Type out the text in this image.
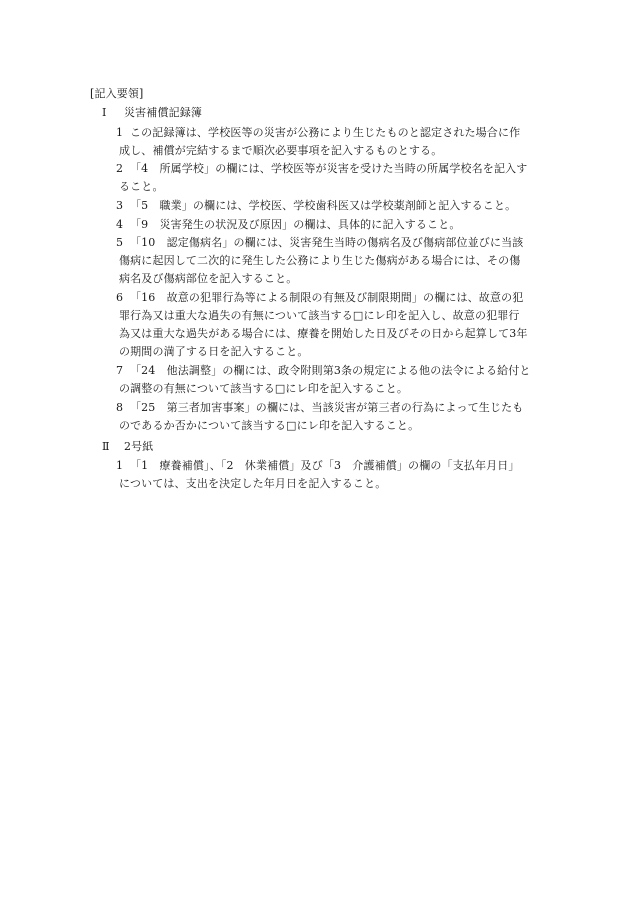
[記入要領]
Ⅰ 災害補償記録簿
1 この記録簿は、学校医等の災害が公務により生じたものと認定された場合に作
成し、補償が完結するまで順次必要事項を記入するものとする。
2 「4　所属学校」の欄には、学校医等が災害を受けた当時の所属学校名を記入す
ること。
3 「5　職業」の欄には、学校医、学校歯科医又は学校薬剤師と記入すること。
4 「9　災害発生の状況及び原因」の欄は、具体的に記入すること。
5 「10　認定傷病名」の欄には、災害発生当時の傷病名及び傷病部位並びに当該
傷病に起因して二次的に発生した公務により生じた傷病がある場合には、その傷
病名及び傷病部位を記入すること。
6 「16　故意の犯罪行為等による制限の有無及び制限期間」の欄には、故意の犯
罪行為又は重大な過失の有無について該当する□にレ印を記入し、故意の犯罪行
為又は重大な過失がある場合には、療養を開始した日及びその日から起算して3年
の期間の満了する日を記入すること。
7 「24　他法調整」の欄には、政令附則第3条の規定による他の法令による給付と
の調整の有無について該当する□にレ印を記入すること。
8 「25　第三者加害事案」の欄には、当該災害が第三者の行為によって生じたも
のであるか否かについて該当する□にレ印を記入すること。
Ⅱ 2号紙
1 「1　療養補償」、「2　休業補償」及び「3　介護補償」の欄の「支払年月日」
については、支出を決定した年月日を記入すること。
